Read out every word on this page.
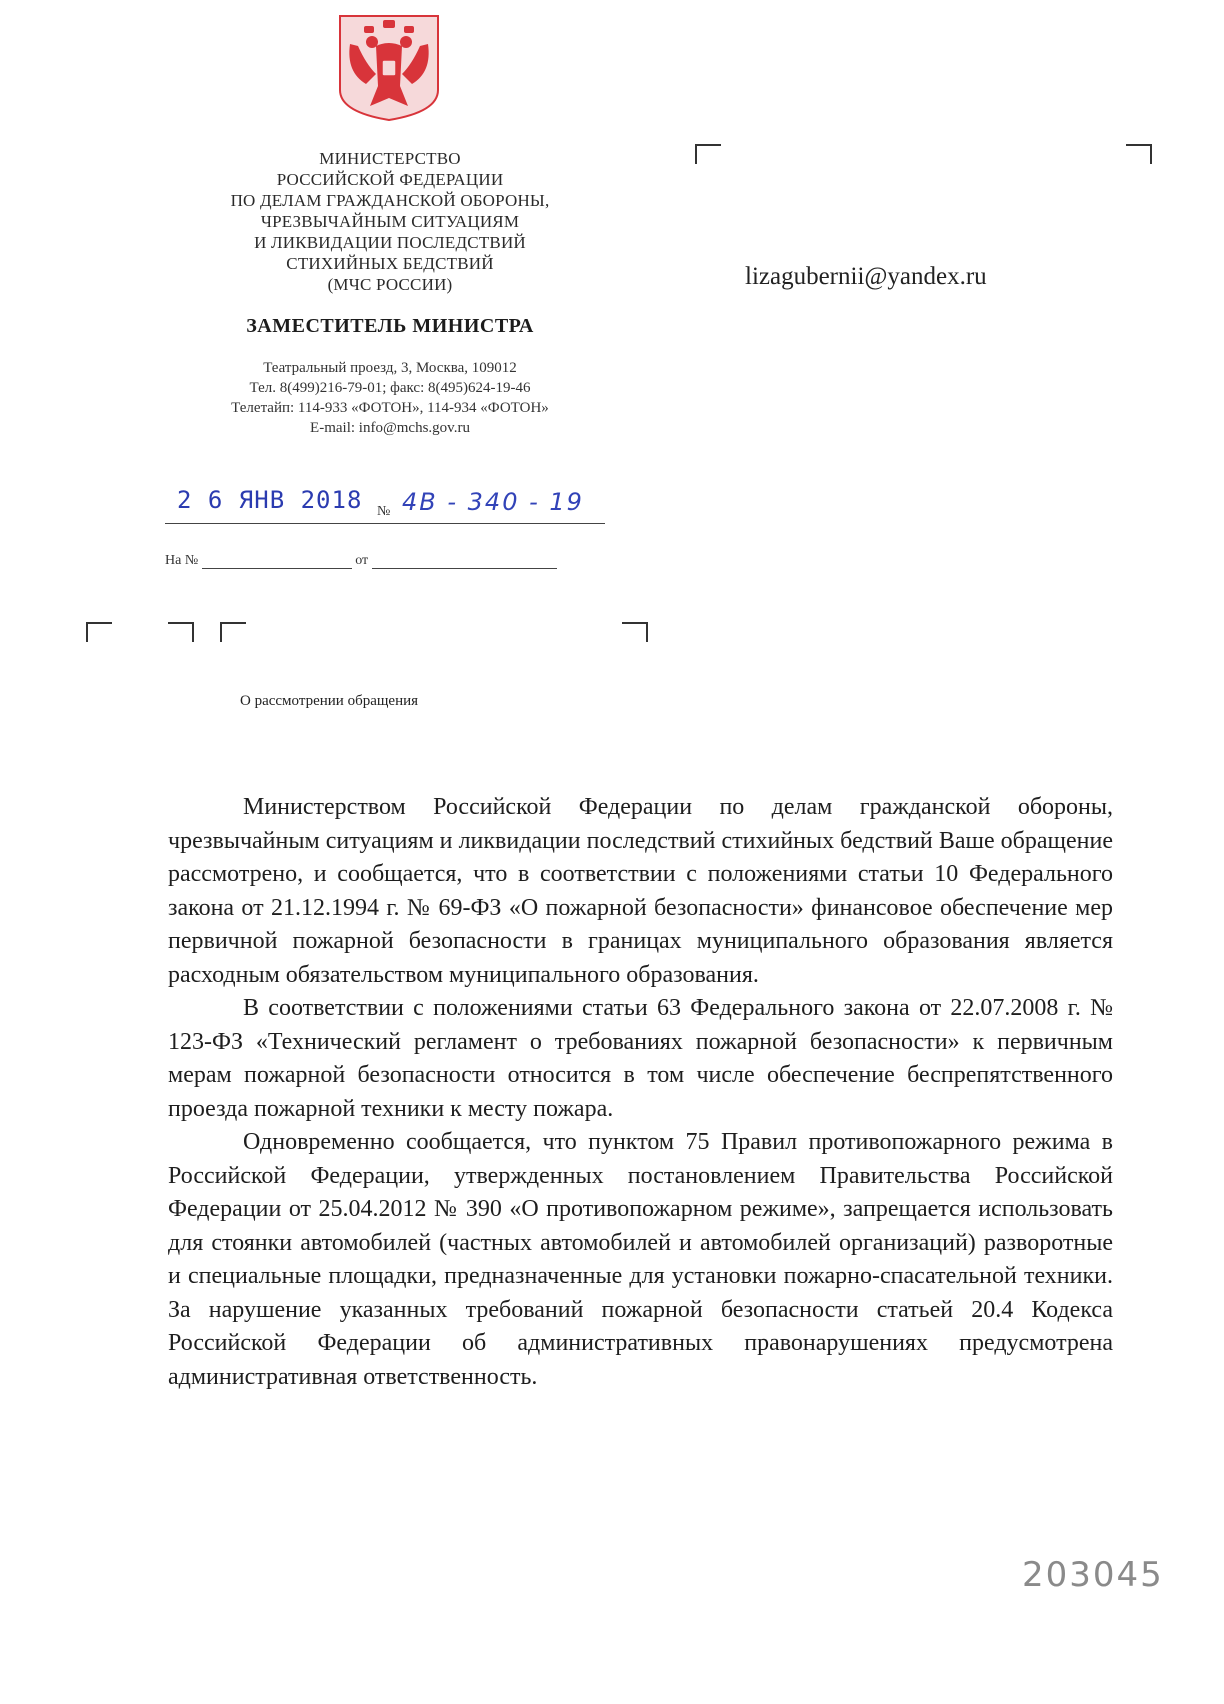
МИНИСТЕРСТВО
РОССИЙСКОЙ ФЕДЕРАЦИИ
ПО ДЕЛАМ ГРАЖДАНСКОЙ ОБОРОНЫ,
ЧРЕЗВЫЧАЙНЫМ СИТУАЦИЯМ
И ЛИКВИДАЦИИ ПОСЛЕДСТВИЙ
СТИХИЙНЫХ БЕДСТВИЙ
(МЧС РОССИИ)
ЗАМЕСТИТЕЛЬ МИНИСТРА
Театральный проезд, 3, Москва, 109012
Тел. 8(499)216-79-01; факс: 8(495)624-19-46
Телетайп: 114-933 «ФОТОН», 114-934 «ФОТОН»
E-mail: info@mchs.gov.ru
2 6 ЯНВ 2018 № 4В - 340 - 19
На №	от
lizagubernii@yandex.ru
О рассмотрении обращения

Министерством Российской Федерации по делам гражданской обороны, чрезвычайным ситуациям и ликвидации последствий стихийных бедствий Ваше обращение рассмотрено, и сообщается, что в соответствии с положениями статьи 10 Федерального закона от 21.12.1994 г. № 69-ФЗ «О пожарной безопасности» финансовое обеспечение мер первичной пожарной безопасности в границах муниципального образования является расходным обязательством муниципального образования.

В соответствии с положениями статьи 63 Федерального закона от 22.07.2008 г. № 123-ФЗ «Технический регламент о требованиях пожарной безопасности» к первичным мерам пожарной безопасности относится в том числе обеспечение беспрепятственного проезда пожарной техники к месту пожара.

Одновременно сообщается, что пунктом 75 Правил противопожарного режима в Российской Федерации, утвержденных постановлением Правительства Российской Федерации от 25.04.2012 № 390 «О противопожарном режиме», запрещается использовать для стоянки автомобилей (частных автомобилей и автомобилей организаций) разворотные и специальные площадки, предназначенные для установки пожарно-спасательной техники. За нарушение указанных требований пожарной безопасности статьей 20.4 Кодекса Российской Федерации об административных правонарушениях предусмотрена административная ответственность.

203045
